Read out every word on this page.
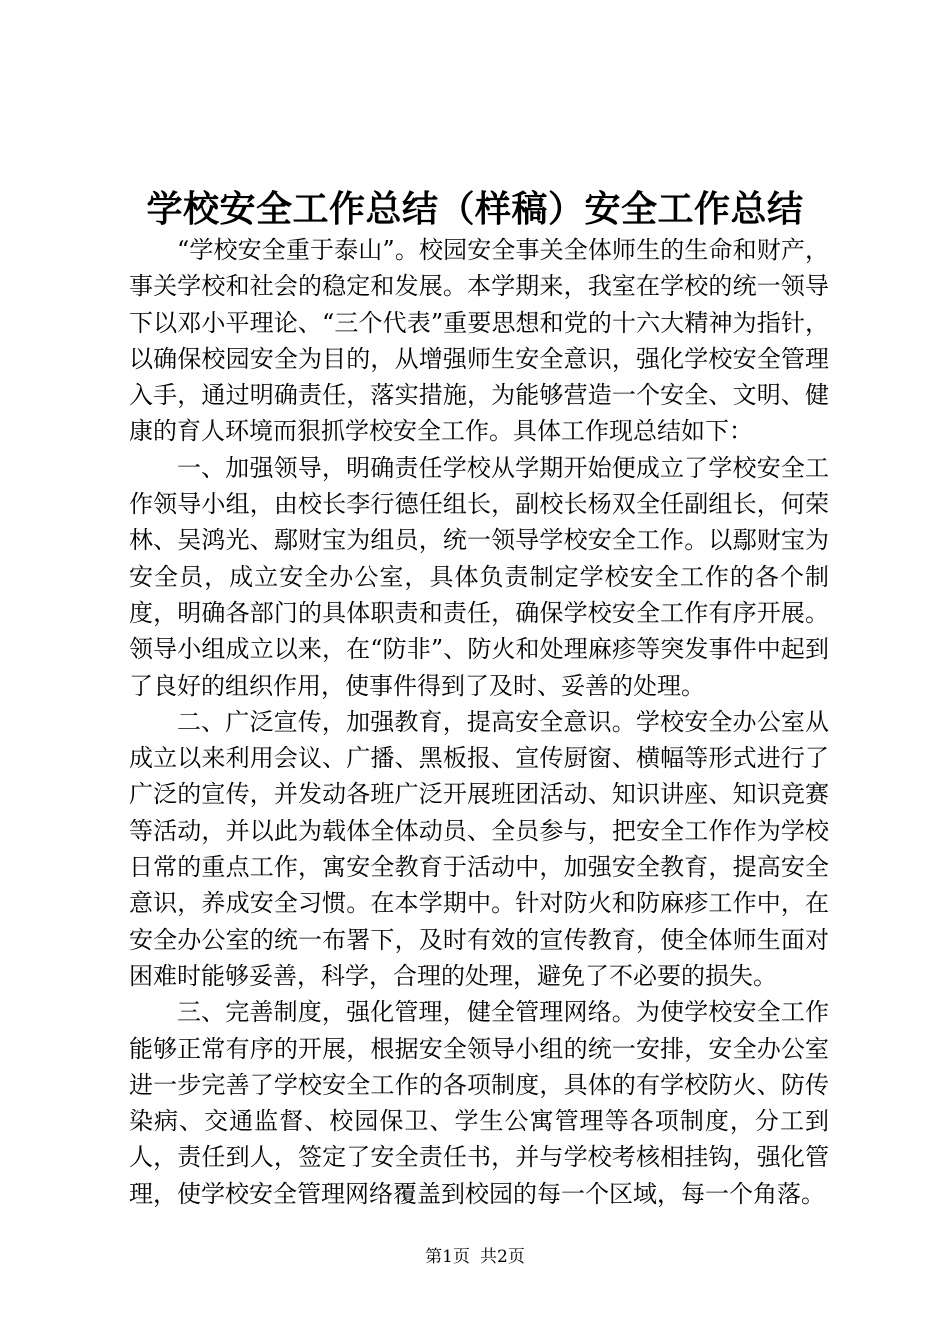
学校安全工作总结（样稿）安全工作总结

“学校安全重于泰山”。校园安全事关全体师生的生命和财产，事关学校和社会的稳定和发展。本学期来，我室在学校的统一领导下以邓小平理论、“三个代表”重要思想和党的十六大精神为指针，以确保校园安全为目的，从增强师生安全意识，强化学校安全管理入手，通过明确责任，落实措施，为能够营造一个安全、文明、健康的育人环境而狠抓学校安全工作。具体工作现总结如下：

一、加强领导，明确责任学校从学期开始便成立了学校安全工作领导小组，由校长李行德任组长，副校长杨双全任副组长，何荣林、吴鸿光、鄢财宝为组员，统一领导学校安全工作。以鄢财宝为安全员，成立安全办公室，具体负责制定学校安全工作的各个制度，明确各部门的具体职责和责任，确保学校安全工作有序开展。领导小组成立以来，在“防非”、防火和处理麻疹等突发事件中起到了良好的组织作用，使事件得到了及时、妥善的处理。

二、广泛宣传，加强教育，提高安全意识。学校安全办公室从成立以来利用会议、广播、黑板报、宣传厨窗、横幅等形式进行了广泛的宣传，并发动各班广泛开展班团活动、知识讲座、知识竞赛等活动，并以此为载体全体动员、全员参与，把安全工作作为学校日常的重点工作，寓安全教育于活动中，加强安全教育，提高安全意识，养成安全习惯。在本学期中。针对防火和防麻疹工作中，在安全办公室的统一布署下，及时有效的宣传教育，使全体师生面对困难时能够妥善，科学，合理的处理，避免了不必要的损失。

三、完善制度，强化管理，健全管理网络。为使学校安全工作能够正常有序的开展，根据安全领导小组的统一安排，安全办公室进一步完善了学校安全工作的各项制度，具体的有学校防火、防传染病、交通监督、校园保卫、学生公寓管理等各项制度，分工到人，责任到人，签定了安全责任书，并与学校考核相挂钩，强化管理，使学校安全管理网络覆盖到校园的每一个区域，每一个角落。

第1页 共2页
